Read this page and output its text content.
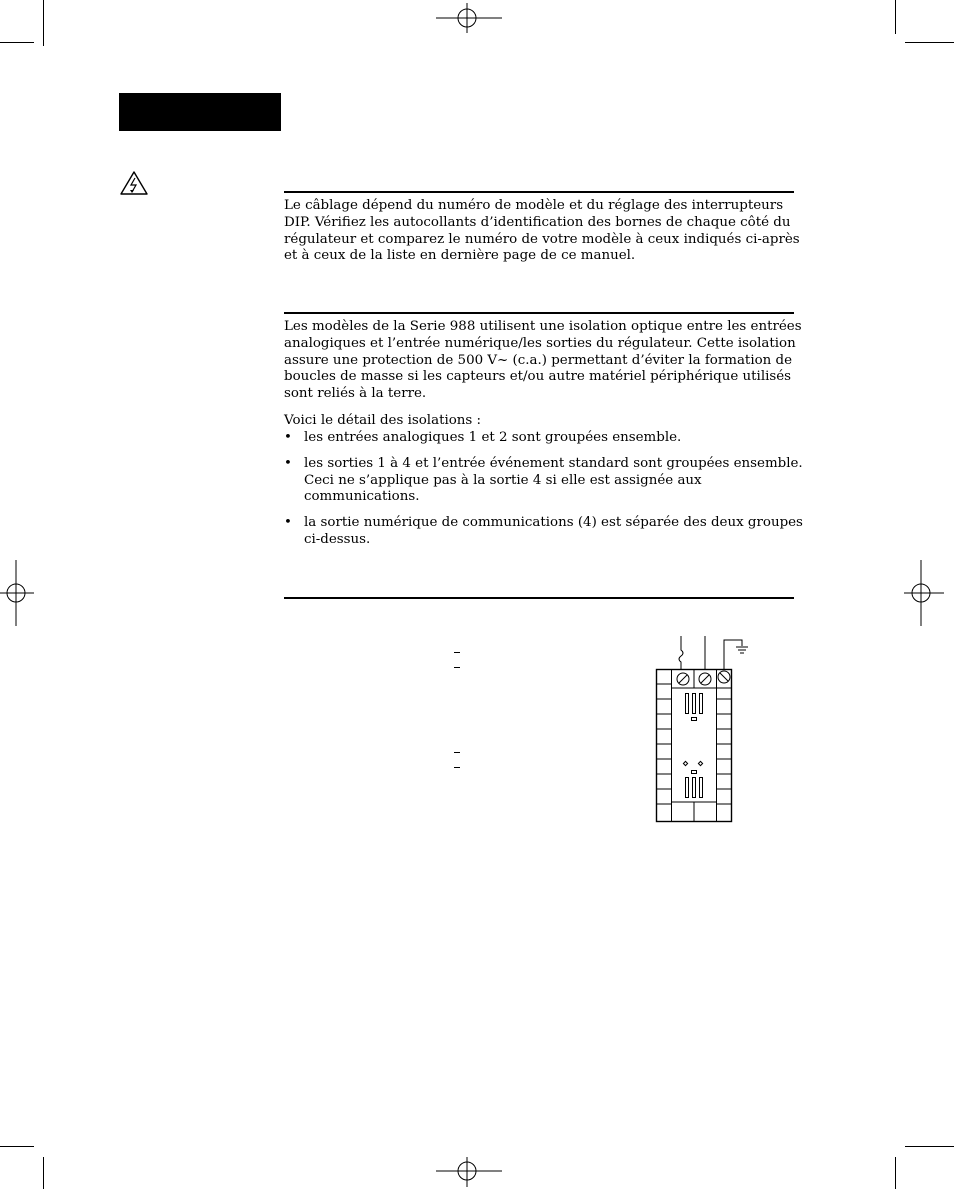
Le câblage dépend du numéro de modèle et du réglage des interrupteurs DIP. Vérifiez les autocollants d’identification des bornes de chaque côté du régulateur et comparez le numéro de votre modèle à ceux indiqués ci-après et à ceux de la liste en dernière page de ce manuel.

Les modèles de la Serie 988 utilisent une isolation optique entre les entrées analogiques et l’entrée numérique/les sorties du régulateur. Cette isolation assure une protection de 500 V~ (c.a.) permettant d’éviter la formation de boucles de masse si les capteurs et/ou autre matériel périphérique utilisés sont reliés à la terre.

Voici le détail des isolations :

• les entrées analogiques 1 et 2 sont groupées ensemble.
• les sorties 1 à 4 et l’entrée événement standard sont groupées ensemble. Ceci ne s’applique pas à la sortie 4 si elle est assignée aux communications.
• la sortie numérique de communications (4) est séparée des deux groupes ci-dessus.
